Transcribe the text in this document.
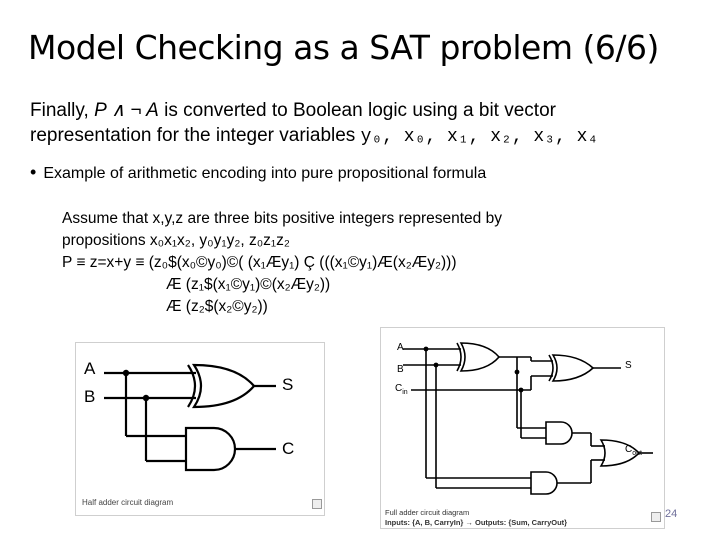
Model Checking as a SAT problem (6/6)
Finally, P ∧ ¬ A is converted to Boolean logic using a bit vector
representation for the integer variables y₀, x₀, x₁, x₂, x₃, x₄
• Example of arithmetic encoding into pure propositional formula
Assume that x,y,z are three bits positive integers represented by
propositions x₀x₁x₂, y₀y₁y₂, z₀z₁z₂
P ≡ z=x+y ≡ (z₀$(x₀©y₀)©( (x₁Æy₁) Ç (((x₁©y₁)Æ(x₂Æy₂)))
Æ (z₁$(x₁©y₁)©(x₂Æy₂))
Æ (z₂$(x₂©y₂))
A
B
S
C
Half adder circuit diagram
A
B
$C_{in}$
S
$C_{out}$
Full adder circuit diagram
Inputs: {A, B, CarryIn} → Outputs: {Sum, CarryOut}
24
